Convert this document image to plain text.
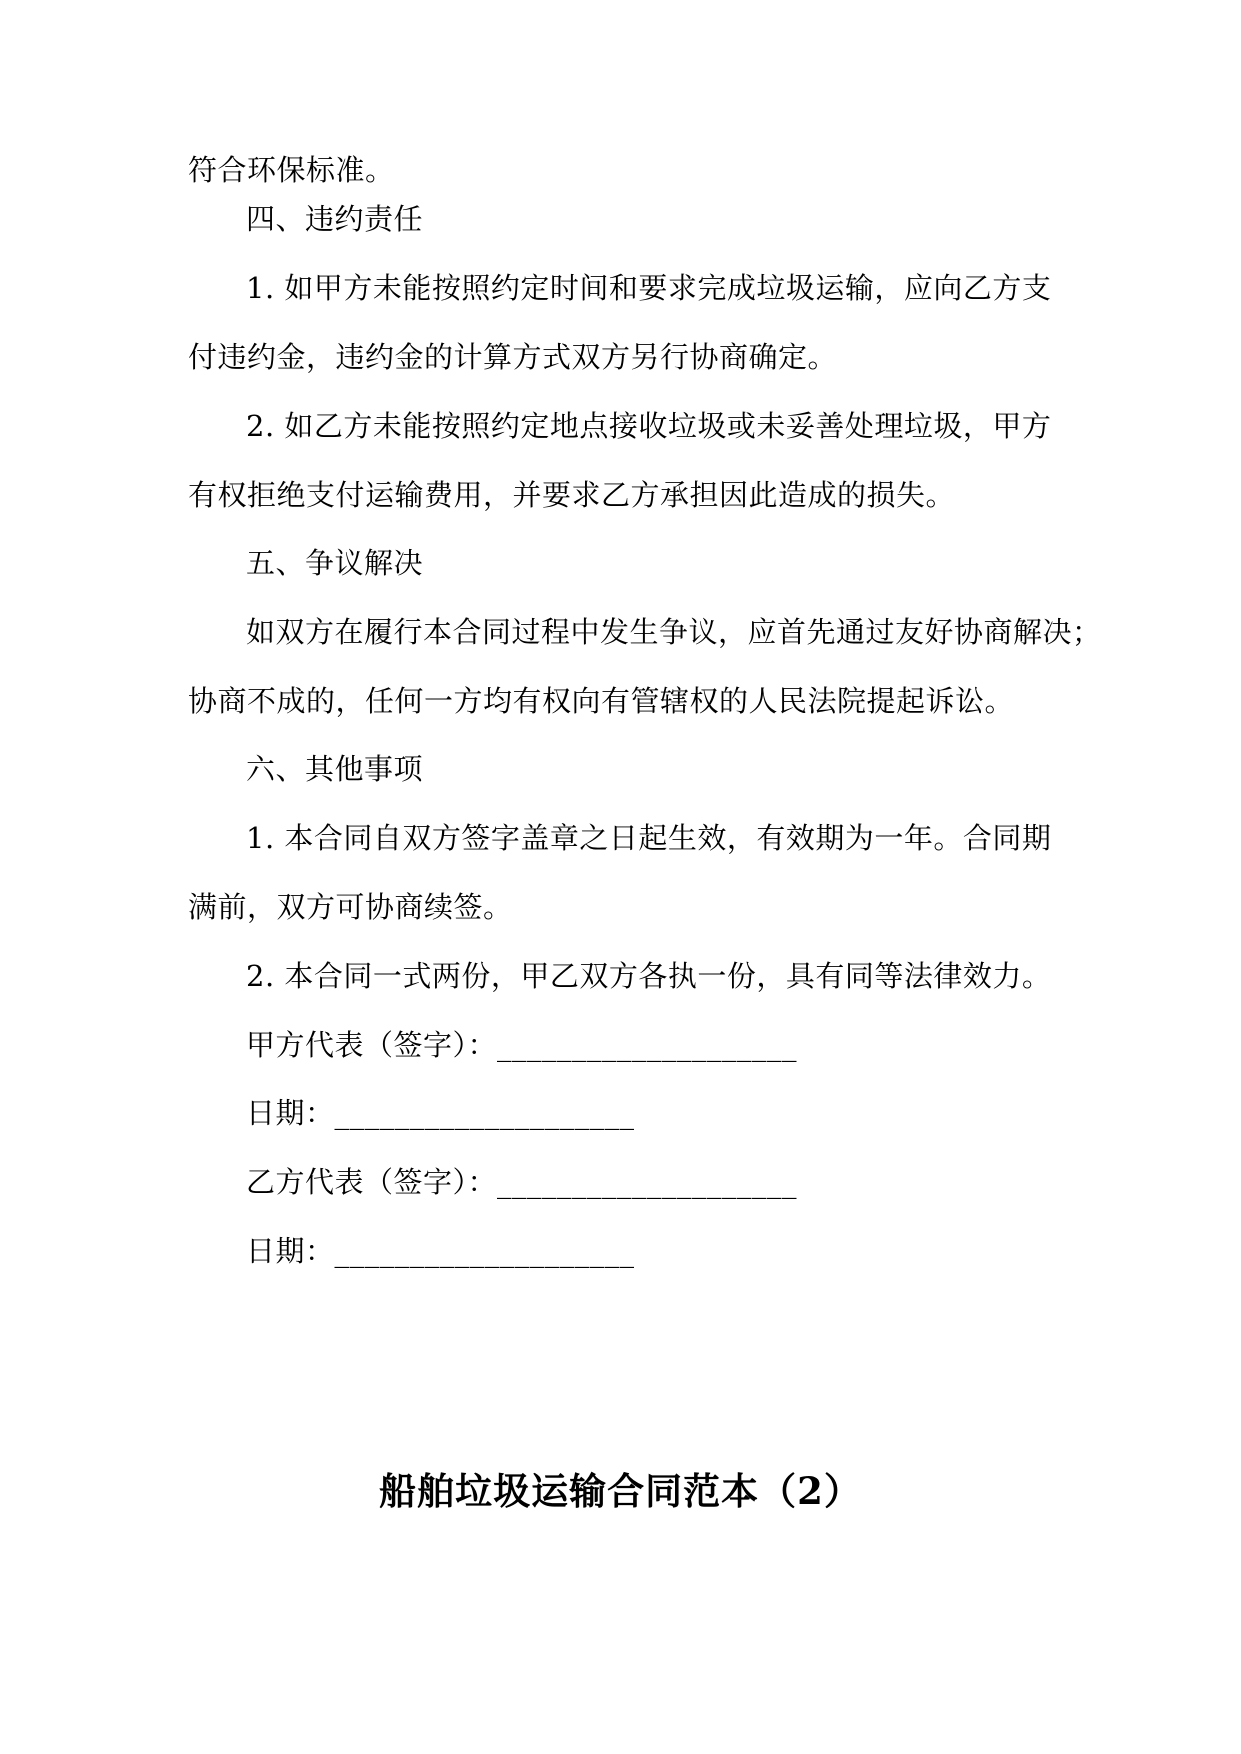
符合环保标准。
四、违约责任
1. 如甲方未能按照约定时间和要求完成垃圾运输，应向乙方支
付违约金，违约金的计算方式双方另行协商确定。
2. 如乙方未能按照约定地点接收垃圾或未妥善处理垃圾，甲方
有权拒绝支付运输费用，并要求乙方承担因此造成的损失。
五、争议解决
如双方在履行本合同过程中发生争议，应首先通过友好协商解决；
协商不成的，任何一方均有权向有管辖权的人民法院提起诉讼。
六、其他事项
1. 本合同自双方签字盖章之日起生效，有效期为一年。合同期
满前，双方可协商续签。
2. 本合同一式两份，甲乙双方各执一份，具有同等法律效力。
甲方代表（签字）：____________________
日期：____________________
乙方代表（签字）：____________________
日期：____________________
船舶垃圾运输合同范本（2）
